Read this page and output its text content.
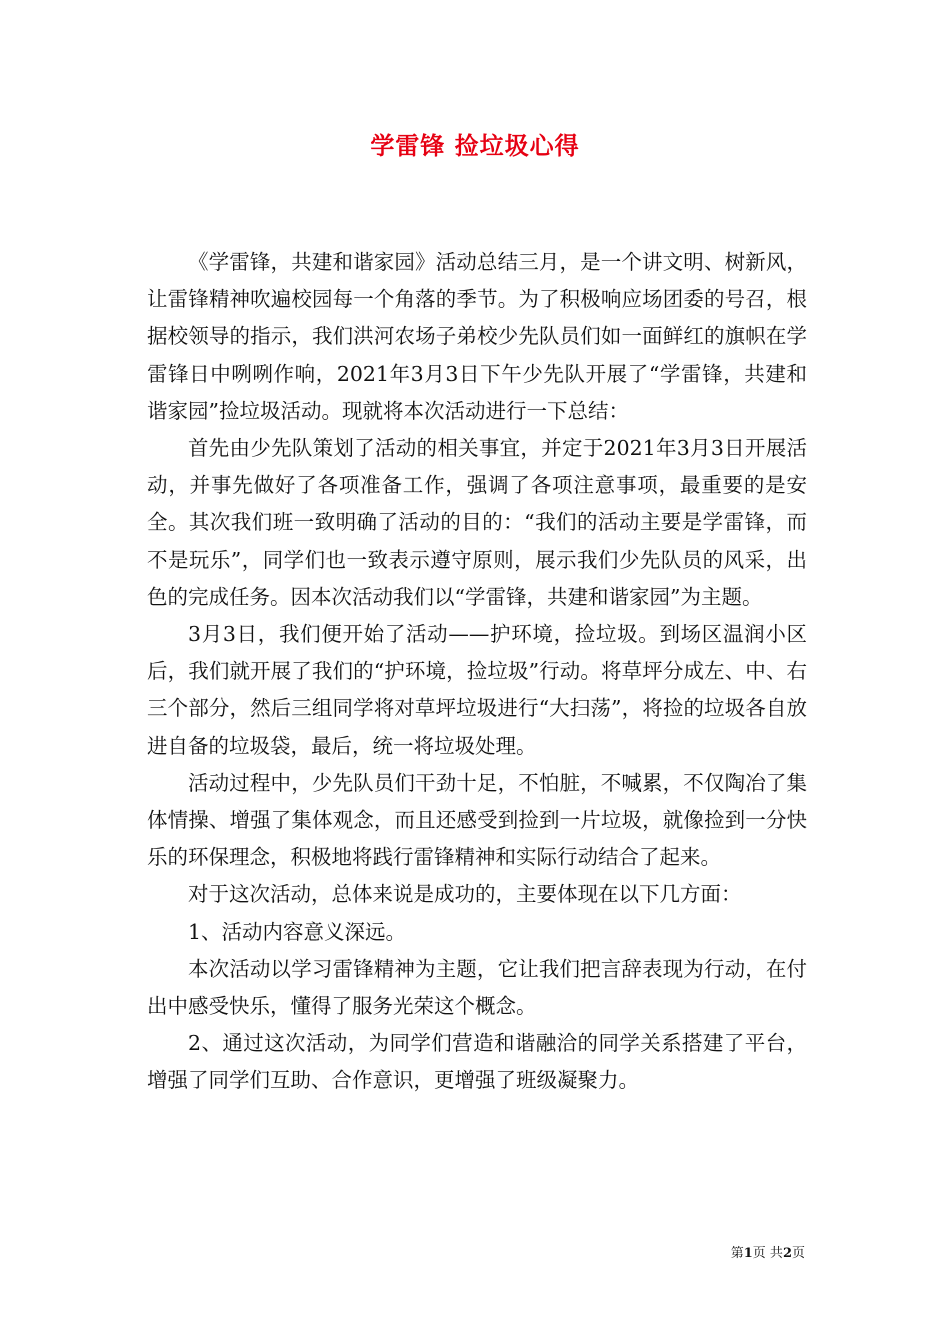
学雷锋 捡垃圾心得

《学雷锋，共建和谐家园》活动总结三月，是一个讲文明、树新风，让雷锋精神吹遍校园每一个角落的季节。为了积极响应场团委的号召，根据校领导的指示，我们洪河农场子弟校少先队员们如一面鲜红的旗帜在学雷锋日中咧咧作响，2021年3月3日下午少先队开展了“学雷锋，共建和谐家园”捡垃圾活动。现就将本次活动进行一下总结：

首先由少先队策划了活动的相关事宜，并定于2021年3月3日开展活动，并事先做好了各项准备工作，强调了各项注意事项，最重要的是安全。其次我们班一致明确了活动的目的：“我们的活动主要是学雷锋，而不是玩乐”，同学们也一致表示遵守原则，展示我们少先队员的风采，出色的完成任务。因本次活动我们以“学雷锋，共建和谐家园”为主题。

3月3日，我们便开始了活动——护环境，捡垃圾。到场区温润小区后，我们就开展了我们的“护环境，捡垃圾”行动。将草坪分成左、中、右三个部分，然后三组同学将对草坪垃圾进行“大扫荡”，将捡的垃圾各自放进自备的垃圾袋，最后，统一将垃圾处理。

活动过程中，少先队员们干劲十足，不怕脏，不喊累，不仅陶冶了集体情操、增强了集体观念，而且还感受到捡到一片垃圾，就像捡到一分快乐的环保理念，积极地将践行雷锋精神和实际行动结合了起来。

对于这次活动，总体来说是成功的，主要体现在以下几方面：

1、活动内容意义深远。

本次活动以学习雷锋精神为主题，它让我们把言辞表现为行动，在付出中感受快乐，懂得了服务光荣这个概念。

2、通过这次活动，为同学们营造和谐融洽的同学关系搭建了平台，增强了同学们互助、合作意识，更增强了班级凝聚力。

第1页 共2页
